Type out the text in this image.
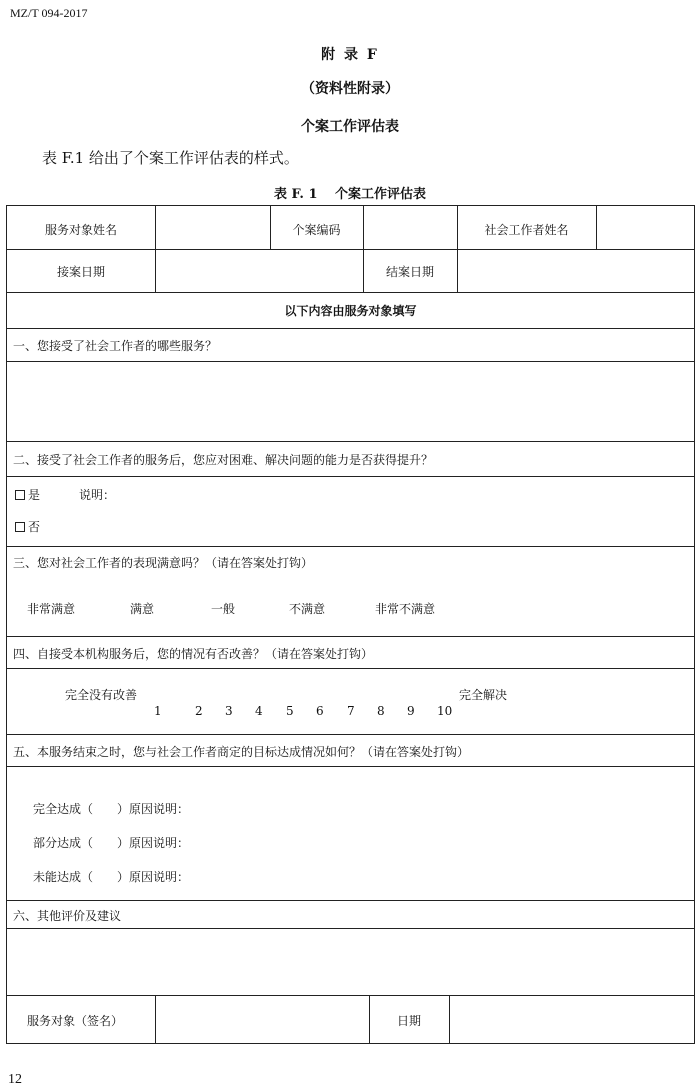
MZ/T 094-2017
附 录 F
（资料性附录）
个案工作评估表
表 F.1 给出了个案工作评估表的样式。
表 F. 1　 个案工作评估表
服务对象姓名	个案编码	社会工作者姓名
接案日期	结案日期
以下内容由服务对象填写
一、您接受了社会工作者的哪些服务？
二、接受了社会工作者的服务后，您应对困难、解决问题的能力是否获得提升？
是	说明：
否
三、您对社会工作者的表现满意吗？（请在答案处打钩）
非常满意	满意	一般	不满意	非常不满意
四、自接受本机构服务后，您的情况有否改善？（请在答案处打钩）
完全没有改善	完全解决
1	2 3 4 5 6 7 8 9 10
五、本服务结束之时，您与社会工作者商定的目标达成情况如何？（请在答案处打钩）
完全达成（　　）原因说明：
部分达成（　　）原因说明：
未能达成（　　）原因说明：
六、其他评价及建议
服务对象（签名）	日期
12
